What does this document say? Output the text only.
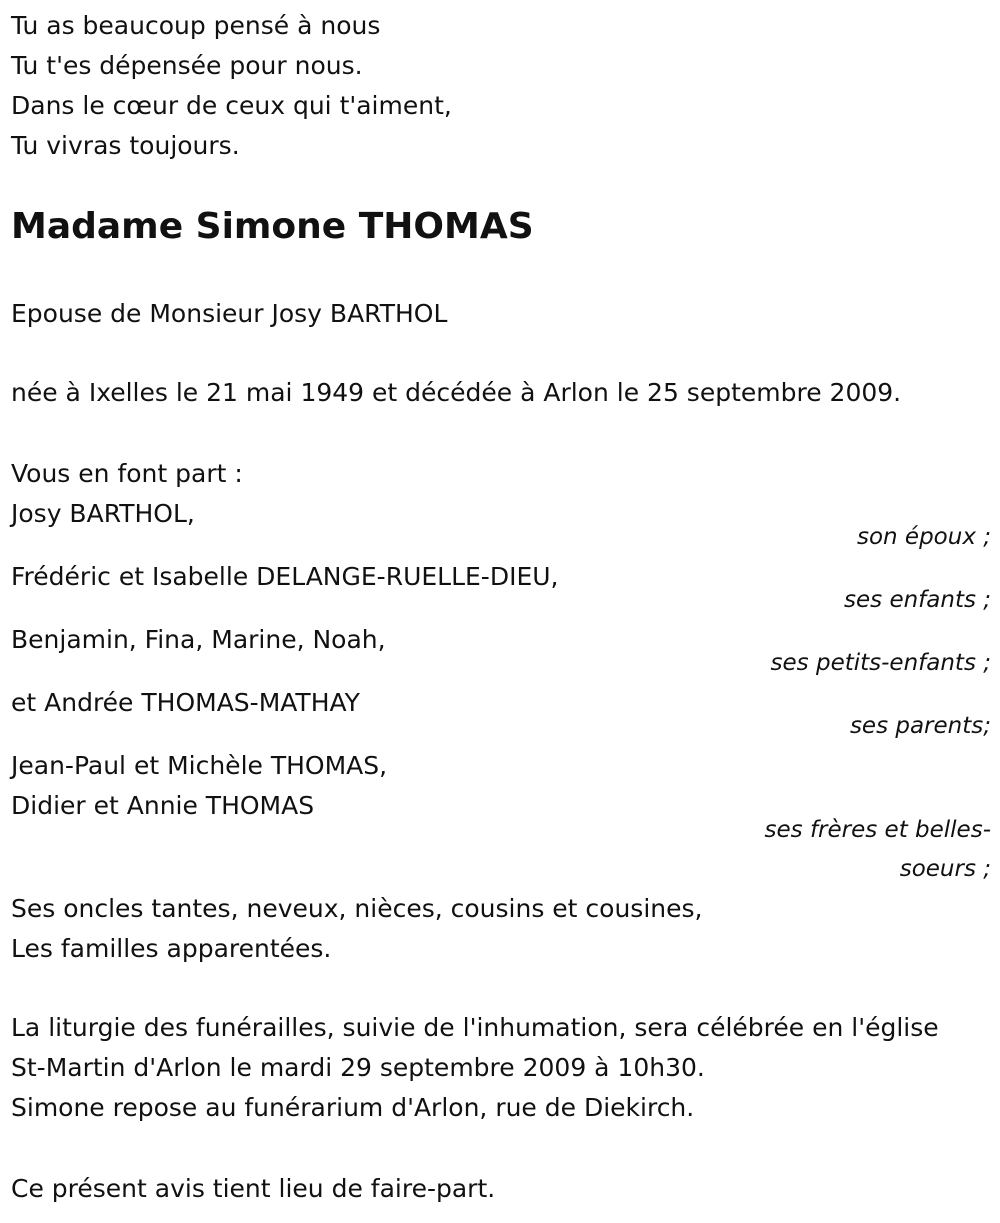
Tu as beaucoup pensé à nous
Tu t'es dépensée pour nous.
Dans le cœur de ceux qui t'aiment,
Tu vivras toujours.
Madame Simone THOMAS
Epouse de Monsieur Josy BARTHOL
née à Ixelles le 21 mai 1949 et décédée à Arlon le 25 septembre 2009.
Vous en font part :
Josy BARTHOL,
son époux ;
Frédéric et Isabelle DELANGE-RUELLE-DIEU,
ses enfants ;
Benjamin, Fina, Marine, Noah,
ses petits-enfants ;
et Andrée THOMAS-MATHAY
ses parents;
Jean-Paul et Michèle THOMAS,
Didier et Annie THOMAS
ses frères et belles-
soeurs ;
Ses oncles tantes, neveux, nièces, cousins et cousines,
Les familles apparentées.
La liturgie des funérailles, suivie de l'inhumation, sera célébrée en l'église
St-Martin d'Arlon le mardi 29 septembre 2009 à 10h30.
Simone repose au funérarium d'Arlon, rue de Diekirch.
Ce présent avis tient lieu de faire-part.
